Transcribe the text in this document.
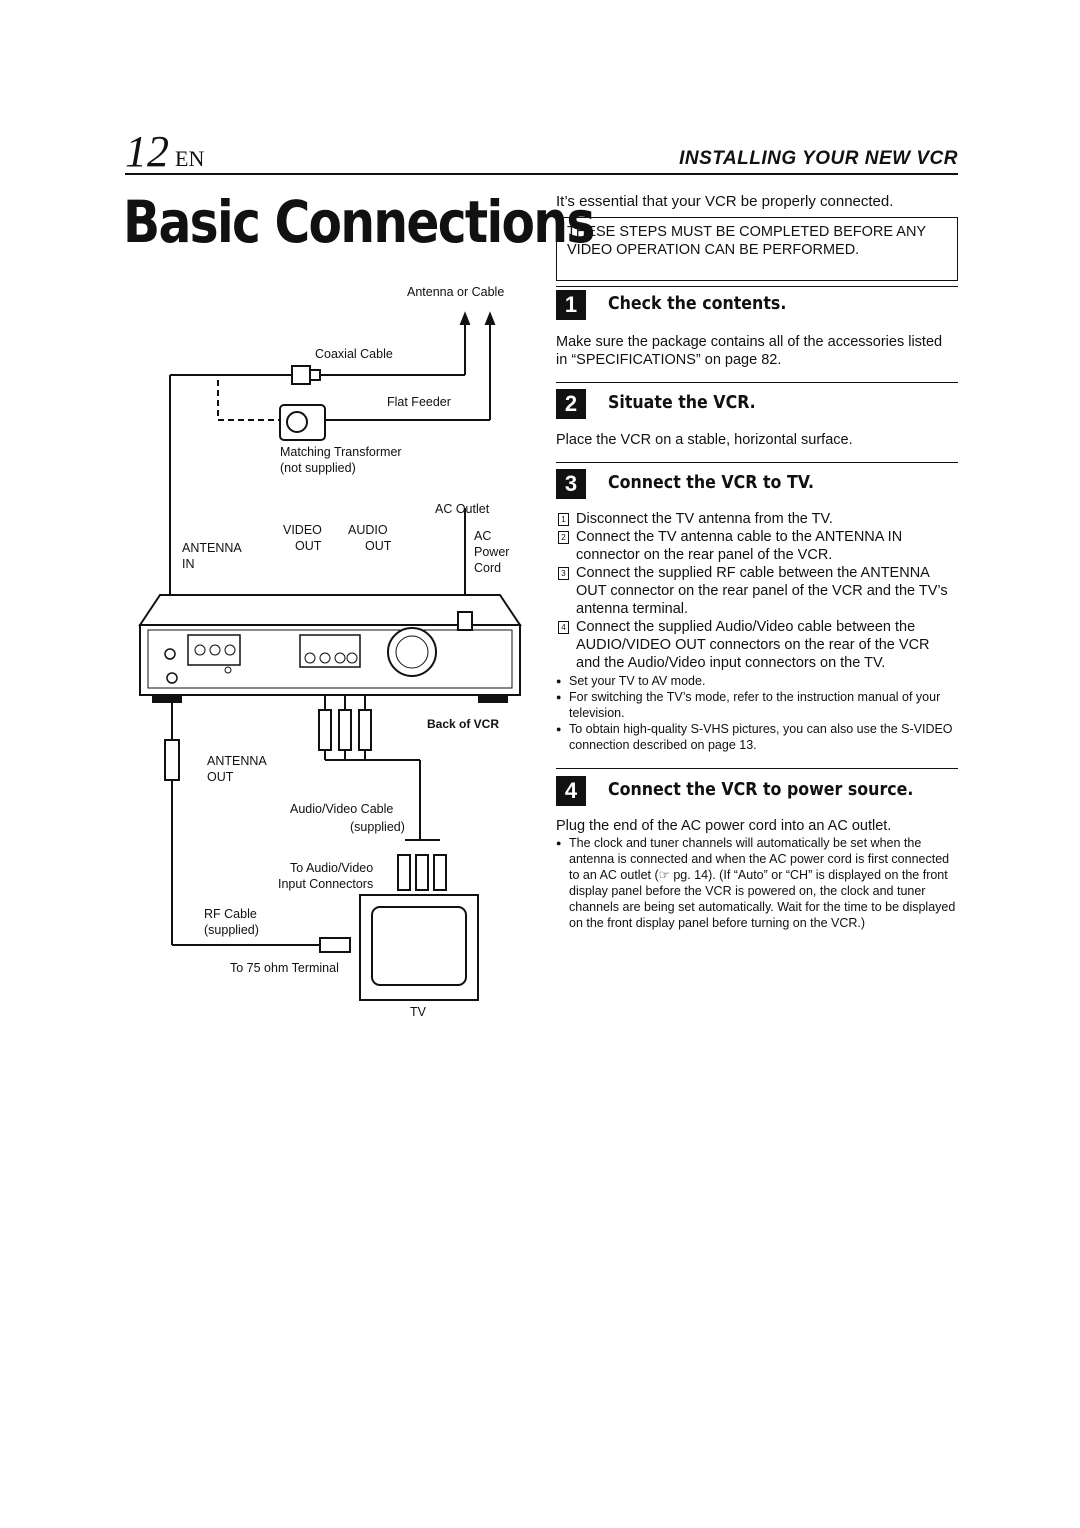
12 EN	INSTALLING YOUR NEW VCR
Basic Connections
It’s essential that your VCR be properly connected.
THESE STEPS MUST BE COMPLETED BEFORE ANY VIDEO OPERATION CAN BE PERFORMED.
1	Check the contents.
Make sure the package contains all of the accessories listed in “SPECIFICATIONS” on page 82.
2	Situate the VCR.
Place the VCR on a stable, horizontal surface.
3	Connect the VCR to TV.
1 Disconnect the TV antenna from the TV.
2 Connect the TV antenna cable to the ANTENNA IN connector on the rear panel of the VCR.
3 Connect the supplied RF cable between the ANTENNA OUT connector on the rear panel of the VCR and the TV’s antenna terminal.
4 Connect the supplied Audio/Video cable between the AUDIO/VIDEO OUT connectors on the rear of the VCR and the Audio/Video input connectors on the TV.
● Set your TV to AV mode.
● For switching the TV’s mode, refer to the instruction manual of your television.
● To obtain high-quality S-VHS pictures, you can also use the S-VIDEO connection described on page 13.
4	Connect the VCR to power source.
Plug the end of the AC power cord into an AC outlet.
● The clock and tuner channels will automatically be set when the antenna is connected and when the AC power cord is first connected to an AC outlet (☞ pg. 14). (If “Auto” or “CH” is displayed on the front display panel before the VCR is powered on, the clock and tuner channels are being set automatically. Wait for the time to be displayed on the front display panel before turning on the VCR.)
Antenna or Cable
Coaxial Cable
Flat Feeder
Matching Transformer
(not supplied)
AC Outlet
VIDEO AUDIO
OUT	OUT
ANTENNA
IN
AC
Power
Cord
Back of VCR
ANTENNA
OUT
Audio/Video Cable
(supplied)
To Audio/Video
Input Connectors
RF Cable
(supplied)
To 75 ohm Terminal
TV
